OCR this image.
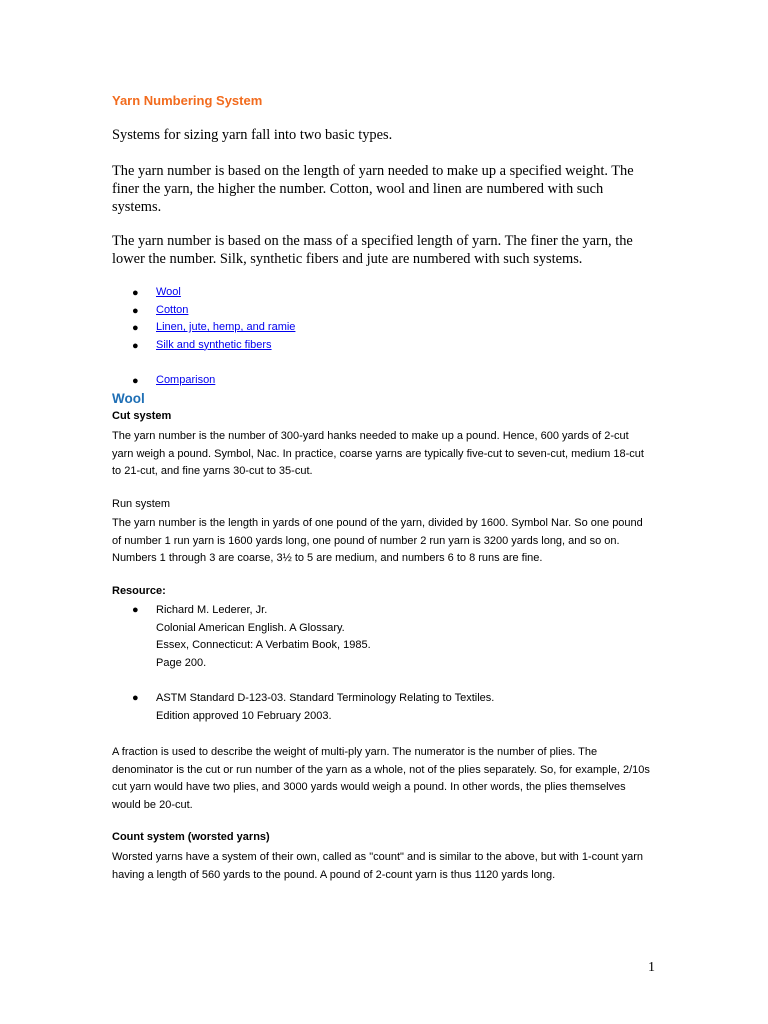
Yarn Numbering System
Systems for sizing yarn fall into two basic types.
The yarn number is based on the length of yarn needed to make up a specified weight. The finer the yarn, the higher the number. Cotton, wool and linen are numbered with such systems.
The yarn number is based on the mass of a specified length of yarn. The finer the yarn, the lower the number. Silk, synthetic fibers and jute are numbered with such systems.
● Wool
● Cotton
● Linen, jute, hemp, and ramie
● Silk and synthetic fibers
● Comparison
Wool
Cut system
The yarn number is the number of 300-yard hanks needed to make up a pound. Hence, 600 yards of 2-cut yarn weigh a pound. Symbol, Nac. In practice, coarse yarns are typically five-cut to seven-cut, medium 18-cut to 21-cut, and fine yarns 30-cut to 35-cut.
Run system
The yarn number is the length in yards of one pound of the yarn, divided by 1600. Symbol Nar. So one pound of number 1 run yarn is 1600 yards long, one pound of number 2 run yarn is 3200 yards long, and so on. Numbers 1 through 3 are coarse, 3½ to 5 are medium, and numbers 6 to 8 runs are fine.
Resource:
● Richard M. Lederer, Jr.
Colonial American English. A Glossary.
Essex, Connecticut: A Verbatim Book, 1985.
Page 200.
● ASTM Standard D-123-03. Standard Terminology Relating to Textiles.
Edition approved 10 February 2003.
A fraction is used to describe the weight of multi-ply yarn. The numerator is the number of plies. The denominator is the cut or run number of the yarn as a whole, not of the plies separately. So, for example, 2/10s cut yarn would have two plies, and 3000 yards would weigh a pound. In other words, the plies themselves would be 20-cut.
Count system (worsted yarns)
Worsted yarns have a system of their own, called as "count" and is similar to the above, but with 1-count yarn having a length of 560 yards to the pound. A pound of 2-count yarn is thus 1120 yards long.
1
